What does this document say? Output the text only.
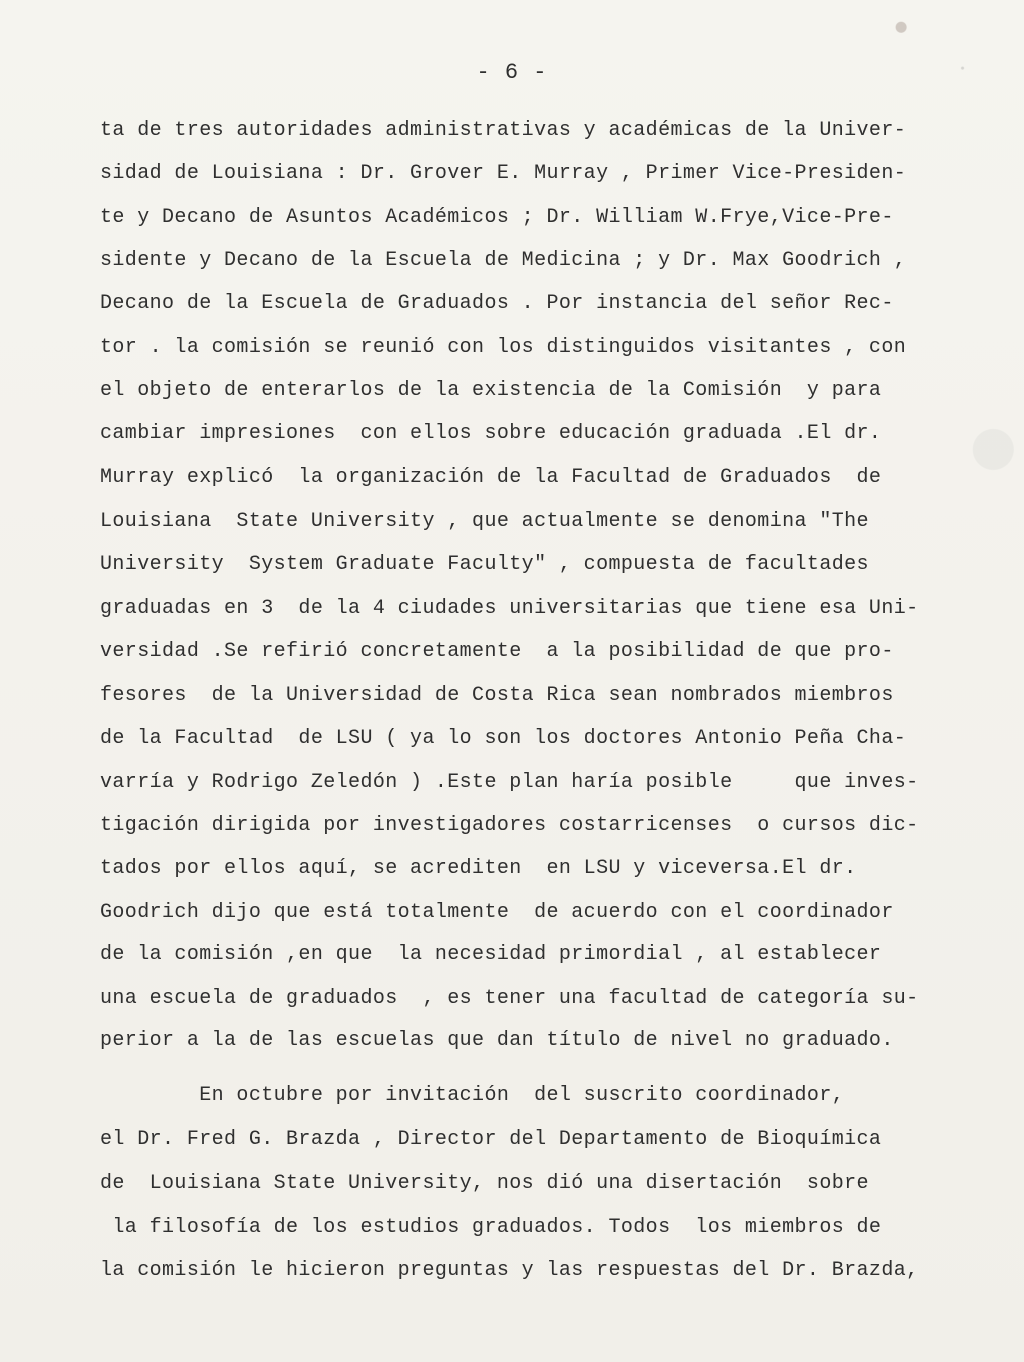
- 6 -
ta de tres autoridades administrativas y académicas de la Univer-
sidad de Louisiana : Dr. Grover E. Murray , Primer Vice-Presiden-
te y Decano de Asuntos Académicos ; Dr. William W.Frye,Vice-Pre-
sidente y Decano de la Escuela de Medicina ; y Dr. Max Goodrich ,
Decano de la Escuela de Graduados . Por instancia del señor Rec-
tor . la comisión se reunió con los distinguidos visitantes , con
el objeto de enterarlos de la existencia de la Comisión  y para
cambiar impresiones  con ellos sobre educación graduada .El dr.
Murray explicó  la organización de la Facultad de Graduados  de
Louisiana  State University , que actualmente se denomina "The
University  System Graduate Faculty" , compuesta de facultades
graduadas en 3  de la 4 ciudades universitarias que tiene esa Uni-
versidad .Se refirió concretamente  a la posibilidad de que pro-
fesores  de la Universidad de Costa Rica sean nombrados miembros
de la Facultad  de LSU ( ya lo son los doctores Antonio Peña Cha-
varría y Rodrigo Zeledón ) .Este plan haría posible     que inves-
tigación dirigida por investigadores costarricenses  o cursos dic-
tados por ellos aquí, se acrediten  en LSU y viceversa.El dr.
Goodrich dijo que está totalmente  de acuerdo con el coordinador
de la comisión ,en que  la necesidad primordial , al establecer
una escuela de graduados  , es tener una facultad de categoría su-
perior a la de las escuelas que dan título de nivel no graduado.
En octubre por invitación  del suscrito coordinador,
el Dr. Fred G. Brazda , Director del Departamento de Bioquímica
de  Louisiana State University, nos dió una disertación  sobre
la filosofía de los estudios graduados. Todos  los miembros de
la comisión le hicieron preguntas y las respuestas del Dr. Brazda,
